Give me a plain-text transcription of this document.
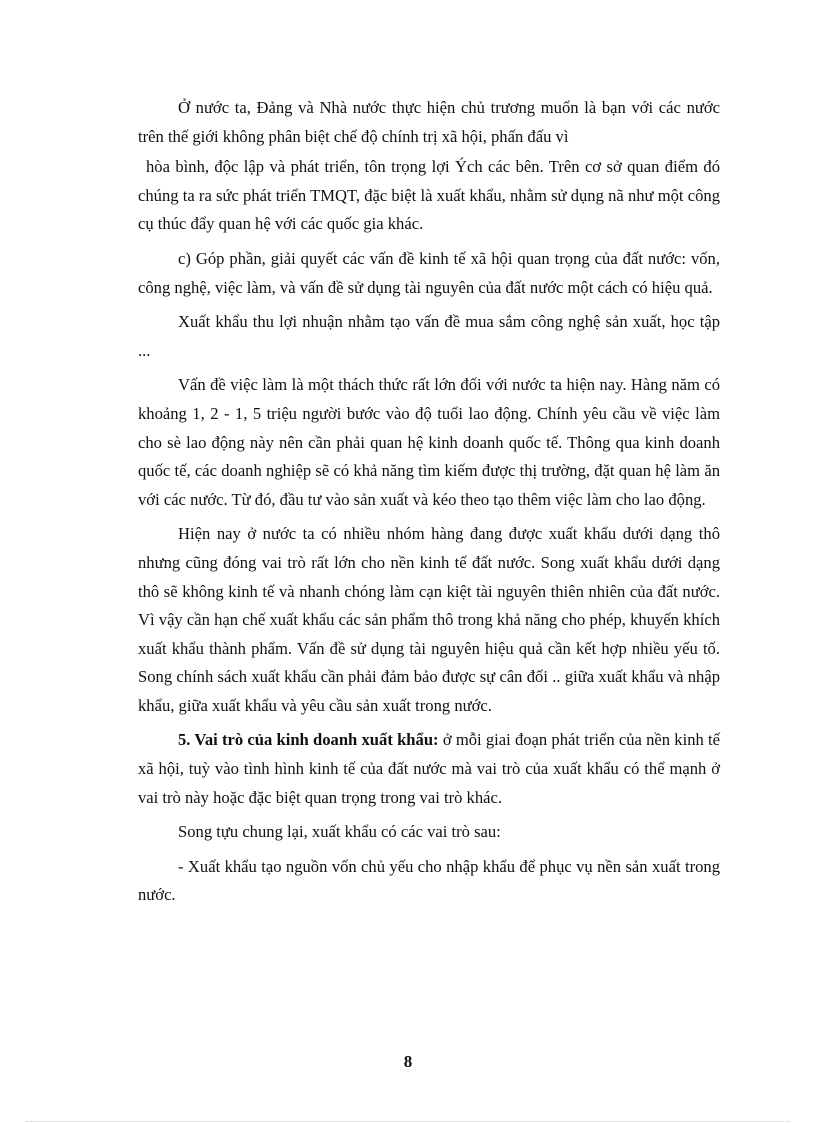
Ở nước ta, Đảng và Nhà nước thực hiện chủ trương muốn là bạn với các nước trên thế giới không phân biệt chế độ chính trị xã hội, phấn đấu vì

hòa bình, độc lập và phát triển, tôn trọng lợi Ých các bên. Trên cơ sở quan điểm đó chúng ta ra sức phát triển TMQT, đặc biệt là xuất khẩu, nhằm sử dụng nã như một công cụ thúc đẩy quan hệ với các quốc gia khác.

c) Góp phần, giải quyết các vấn đề kinh tế xã hội quan trọng của đất nước: vốn, công nghệ, việc làm, và vấn đề sử dụng tài nguyên của đất nước một cách có hiệu quả.

Xuất khẩu thu lợi nhuận nhằm tạo vấn đề mua sắm công nghệ sản xuất, học tập ...

Vấn đề việc làm là một thách thức rất lớn đối với nước ta hiện nay. Hàng năm có khoảng 1, 2 - 1, 5 triệu người bước vào độ tuổi lao động. Chính yêu cầu về việc làm cho sè lao động này nên cần phải quan hệ kinh doanh quốc tế. Thông qua kinh doanh quốc tế, các doanh nghiệp sẽ có khả năng tìm kiếm được thị trường, đặt quan hệ làm ăn với các nước. Từ đó, đầu tư vào sản xuất và kéo theo tạo thêm việc làm cho lao động.

Hiện nay ở nước ta có nhiều nhóm hàng đang được xuất khẩu dưới dạng thô nhưng cũng đóng vai trò rất lớn cho nền kinh tế đất nước. Song xuất khẩu dưới dạng thô sẽ không kinh tế và nhanh chóng làm cạn kiệt tài nguyên thiên nhiên của đất nước. Vì vậy cần hạn chế xuất khẩu các sản phẩm thô trong khả năng cho phép, khuyến khích xuất khẩu thành phẩm. Vấn đề sử dụng tài nguyên hiệu quả cần kết hợp nhiều yếu tố. Song chính sách xuất khẩu cần phải đảm bảo được sự cân đối .. giữa xuất khẩu và nhập khẩu, giữa xuất khẩu và yêu cầu sản xuất trong nước.

5. Vai trò của kinh doanh xuất khẩu: ở mỗi giai đoạn phát triển của nền kinh tế xã hội, tuỳ vào tình hình kinh tế của đất nước mà vai trò của xuất khẩu có thể mạnh ở vai trò này hoặc đặc biệt quan trọng trong vai trò khác.

Song tựu chung lại, xuất khẩu có các vai trò sau:

- Xuất khẩu tạo nguồn vốn chủ yếu cho nhập khẩu để phục vụ nền sản xuất trong nước.

8
